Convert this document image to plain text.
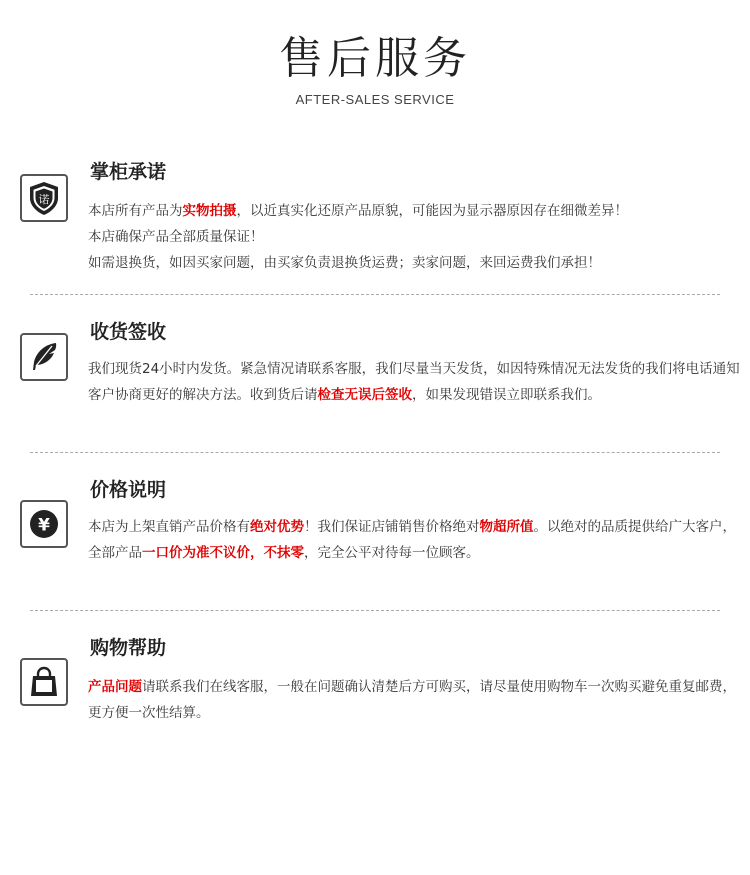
售后服务
AFTER-SALES SERVICE
诺
掌柜承诺
本店所有产品为实物拍摄，以近真实化还原产品原貌，可能因为显示器原因存在细微差异！
本店确保产品全部质量保证！
如需退换货，如因买家问题，由买家负责退换货运费；卖家问题，来回运费我们承担！
收货签收
我们现货24小时内发货。紧急情况请联系客服，我们尽量当天发货，如因特殊情况无法发货的我们将电话通知客户协商更好的解决方法。收到货后请检查无误后签收，如果发现错误立即联系我们。
¥
价格说明
本店为上架直销产品价格有绝对优势！我们保证店铺销售价格绝对物超所值。以绝对的品质提供给广大客户，全部产品一口价为准不议价，不抹零，完全公平对待每一位顾客。
购物帮助
产品问题请联系我们在线客服，一般在问题确认清楚后方可购买，请尽量使用购物车一次购买避免重复邮费，更方便一次性结算。
